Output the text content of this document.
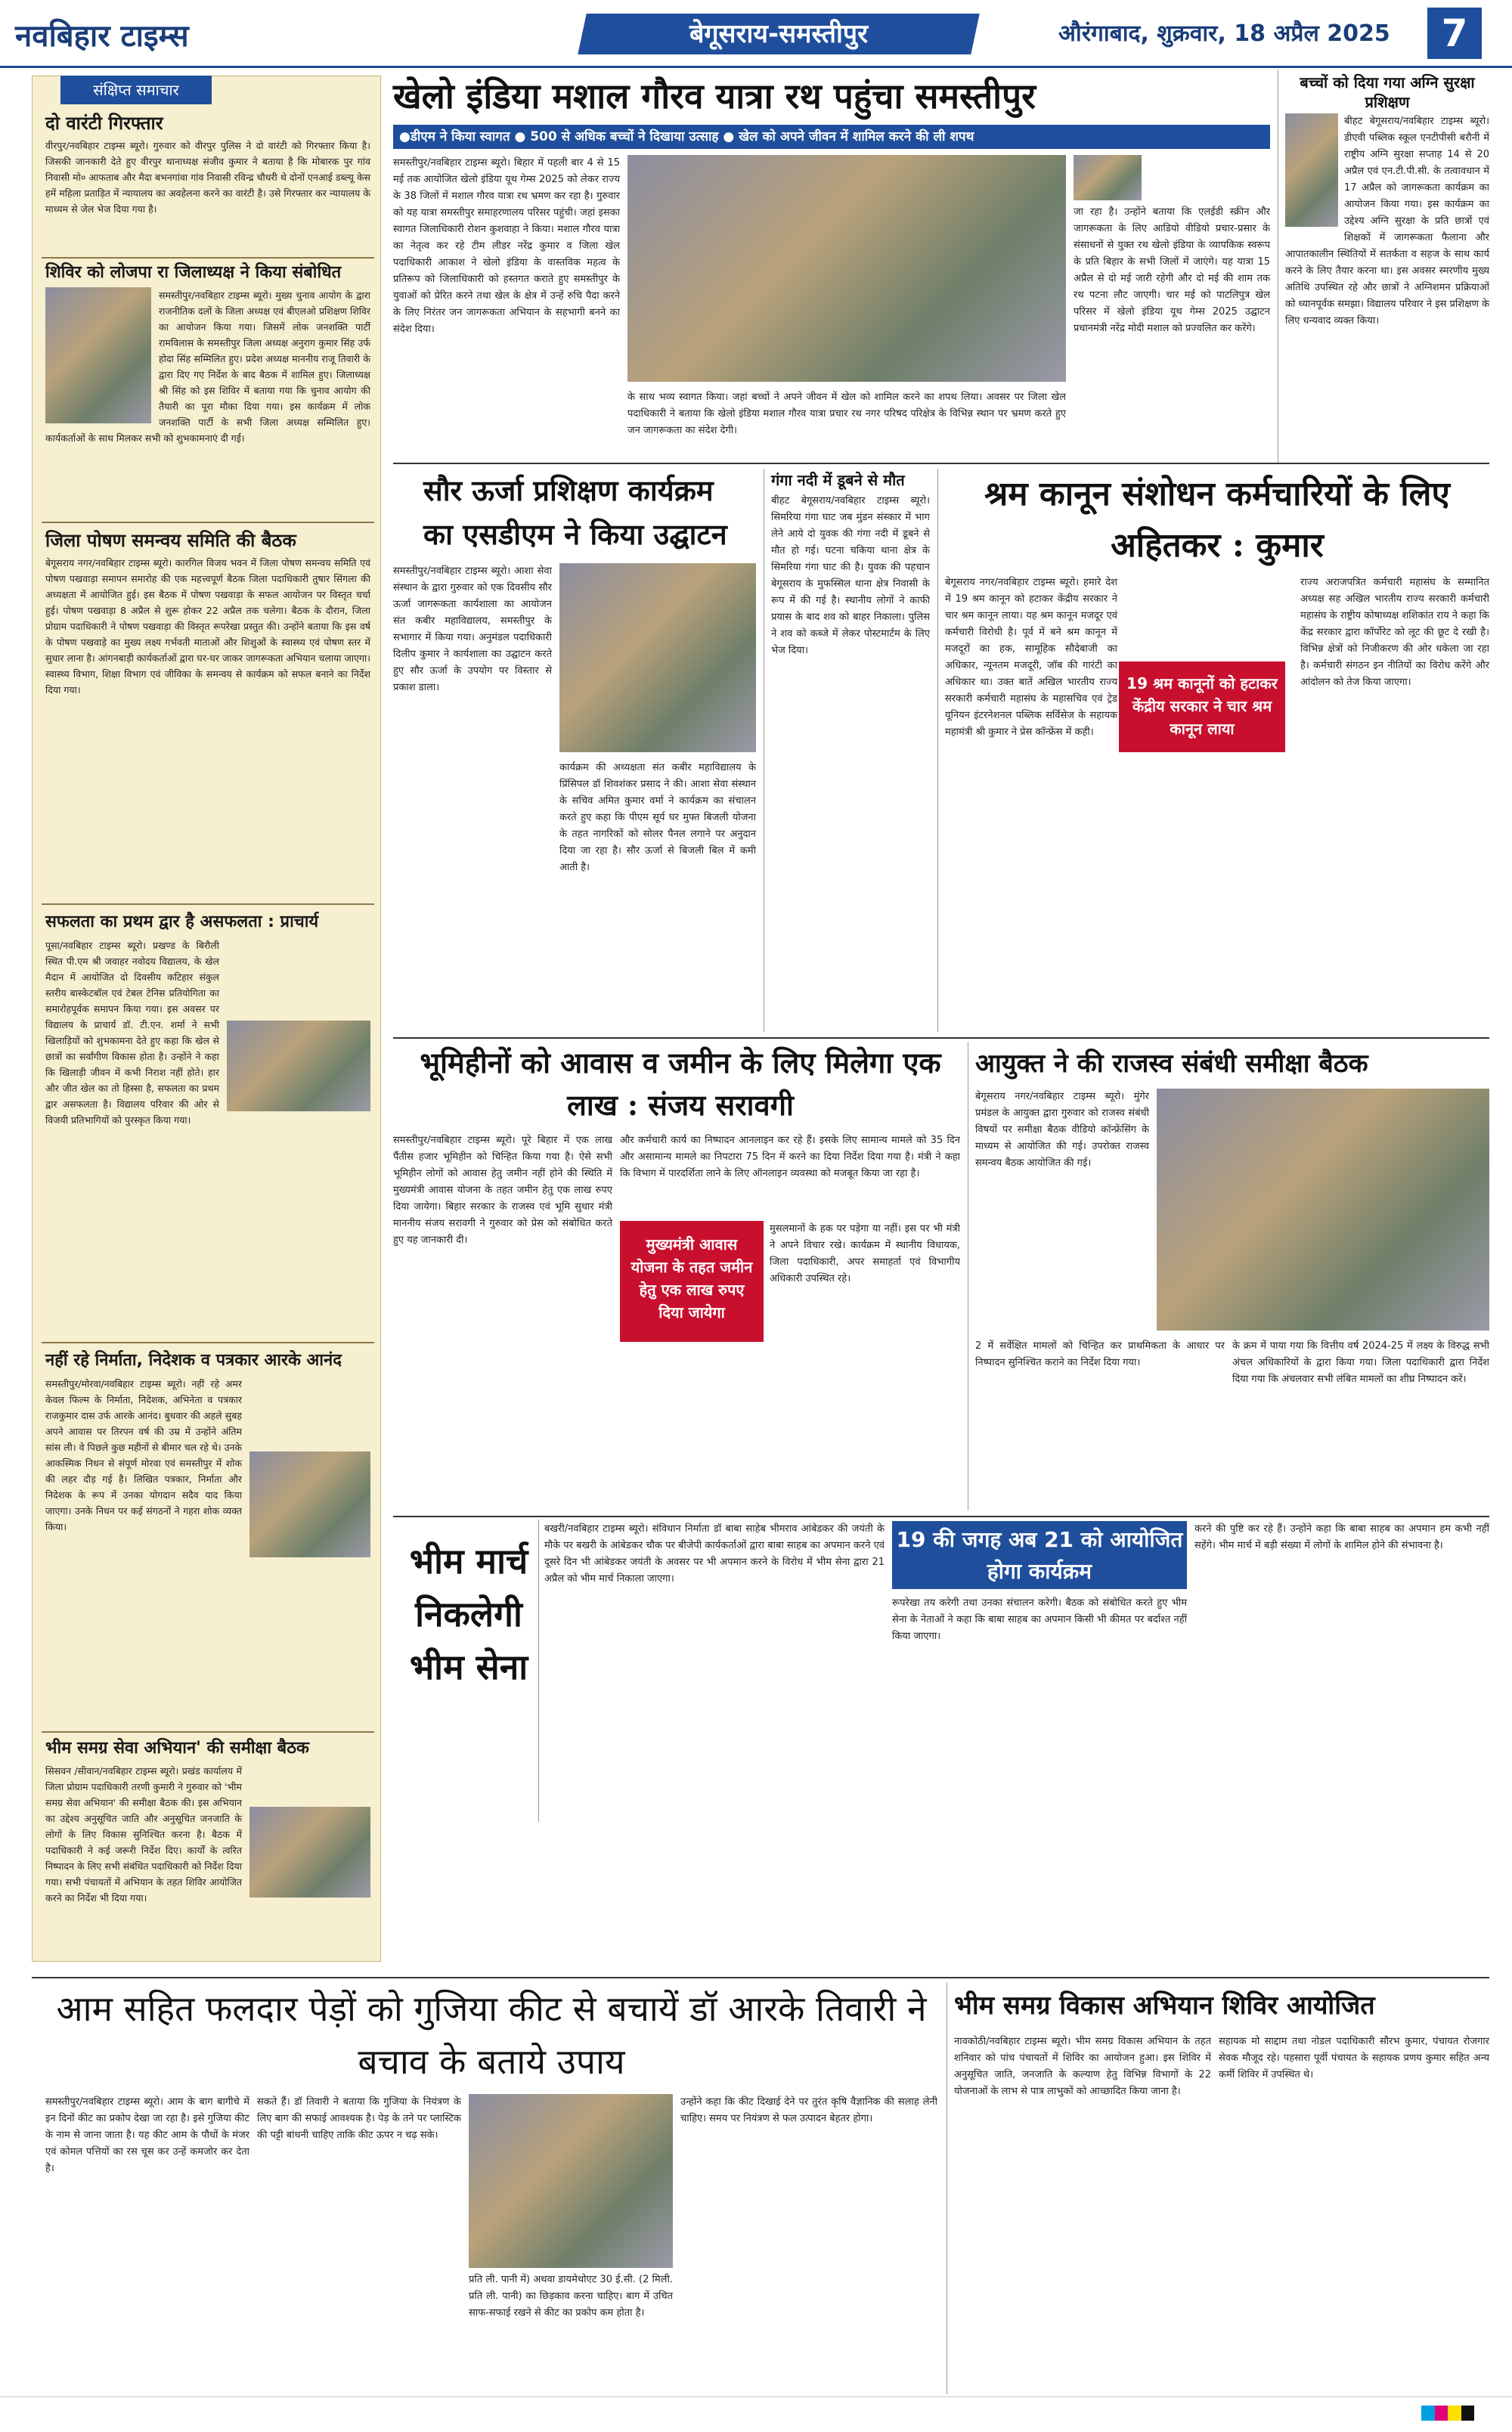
नवबिहार टाइम्स	बेगूसराय-समस्तीपुर	औरंगाबाद, शुक्रवार, 18 अप्रैल 2025	7
संक्षिप्त समाचार
दो वारंटी गिरफ्तार
वीरपुर/नवबिहार टाइम्स ब्यूरो। गुरुवार को वीरपुर पुलिस ने दो वारंटी को गिरफ्तार किया है। जिसकी जानकारी देते हुए वीरपुर थानाध्यक्ष संजीव कुमार ने बताया है कि मोबारक पुर गांव निवासी मो० आफताब और मैदा बभनगांवा गांव निवासी रविन्द्र चौधरी थे दोनों एनआई डब्ल्यू केस हमें महिला प्रताड़ित में न्यायालय का अवहेलना करने का वारंटी है। उसे गिरफ्तार कर न्यायालय के माध्यम से जेल भेज दिया गया है।
शिविर को लोजपा रा जिलाध्यक्ष ने किया संबोधित
समस्तीपुर/नवबिहार टाइम्स ब्यूरो। मुख्य चुनाव आयोग के द्वारा राजनीतिक दलों के जिला अध्यक्ष एवं बीएलओ प्रशिक्षण शिविर का आयोजन किया गया। जिसमें लोक जनशक्ति पार्टी रामविलास के समस्तीपुर जिला अध्यक्ष अनुराग कुमार सिंह उर्फ होदा सिंह सम्मिलित हुए। प्रदेश अध्यक्ष माननीय राजू तिवारी के द्वारा दिए गए निर्देश के बाद बैठक में शामिल हुए। जिलाध्यक्ष श्री सिंह को इस शिविर में बताया गया कि चुनाव आयोग की तैयारी का पूरा मौका दिया गया। इस कार्यक्रम में लोक जनशक्ति पार्टी के सभी जिला अध्यक्ष सम्मिलित हुए। कार्यकर्ताओं के साथ मिलकर सभी को शुभकामनाएं दी गई।
जिला पोषण समन्वय समिति की बैठक
बेगूसराय नगर/नवबिहार टाइम्स ब्यूरो। कारगिल विजय भवन में जिला पोषण समन्वय समिति एवं पोषण पखवाड़ा समापन समारोह की एक महत्त्वपूर्ण बैठक जिला पदाधिकारी तुषार सिंगला की अध्यक्षता में आयोजित हुई। इस बैठक में पोषण पखवाड़ा के सफल आयोजन पर विस्तृत चर्चा हुई। पोषण पखवाड़ा 8 अप्रैल से शुरू होकर 22 अप्रैल तक चलेगा। बैठक के दौरान, जिला प्रोग्राम पदाधिकारी ने पोषण पखवाड़ा की विस्तृत रूपरेखा प्रस्तुत की। उन्होंने बताया कि इस वर्ष के पोषण पखवाड़े का मुख्य लक्ष्य गर्भवती माताओं और शिशुओं के स्वास्थ्य एवं पोषण स्तर में सुधार लाना है। आंगनबाड़ी कार्यकर्ताओं द्वारा घर-घर जाकर जागरूकता अभियान चलाया जाएगा। स्वास्थ्य विभाग, शिक्षा विभाग एवं जीविका के समन्वय से कार्यक्रम को सफल बनाने का निर्देश दिया गया।
सफलता का प्रथम द्वार है असफलता : प्राचार्य
पूसा/नवबिहार टाइम्स ब्यूरो। प्रखण्ड के बिरौली स्थित पी.एम श्री जवाहर नवोदय विद्यालय, के खेल मैदान में आयोजित दो दिवसीय कटिहार संकुल स्तरीय बास्केटबॉल एवं टेबल टेनिस प्रतियोगिता का समारोहपूर्वक समापन किया गया। इस अवसर पर विद्यालय के प्राचार्य डॉ. टी.एन. शर्मा ने सभी खिलाड़ियों को शुभकामना देते हुए कहा कि खेल से छात्रों का सर्वांगीण विकास होता है। उन्होंने ने कहा कि खिलाड़ी जीवन में कभी निराश नहीं होते। हार और जीत खेल का तो हिस्सा है, सफलता का प्रथम द्वार असफलता है। विद्यालय परिवार की ओर से विजयी प्रतिभागियों को पुरस्कृत किया गया।
नहीं रहे निर्माता, निदेशक व पत्रकार आरके आनंद
समस्तीपुर/मोरवा/नवबिहार टाइम्स ब्यूरो। नहीं रहे अमर केवल फिल्म के निर्माता, निदेशक, अभिनेता व पत्रकार राजकुमार दास उर्फ आरके आनंद। बुधवार की अहले सुबह अपने आवास पर तिरपन वर्ष की उम्र में उन्होंने अंतिम सांस ली। वे पिछले कुछ महीनों से बीमार चल रहे थे। उनके आकस्मिक निधन से संपूर्ण मोरवा एवं समस्तीपुर में शोक की लहर दौड़ गई है। लिखित पत्रकार, निर्माता और निदेशक के रूप में उनका योगदान सदैव याद किया जाएगा। उनके निधन पर कई संगठनों ने गहरा शोक व्यक्त किया।
भीम समग्र सेवा अभियान' की समीक्षा बैठक
सिसवन /सीवान/नवबिहार टाइम्स ब्यूरो। प्रखंड कार्यालय में जिला प्रोग्राम पदाधिकारी तरणी कुमारी ने गुरुवार को 'भीम समग्र सेवा अभियान' की समीक्षा बैठक की। इस अभियान का उद्देश्य अनुसूचित जाति और अनुसूचित जनजाति के लोगों के लिए विकास सुनिश्चित करना है। बैठक में पदाधिकारी ने कई जरूरी निर्देश दिए। कार्यों के त्वरित निष्पादन के लिए सभी संबंधित पदाधिकारी को निर्देश दिया गया। सभी पंचायतों में अभियान के तहत शिविर आयोजित करने का निर्देश भी दिया गया।
खेलो इंडिया मशाल गौरव यात्रा रथ पहुंचा समस्तीपुर
●डीएम ने किया स्वागत ● 500 से अधिक बच्चों ने दिखाया उत्साह ● खेल को अपने जीवन में शामिल करने की ली शपथ
समस्तीपुर/नवबिहार टाइम्स ब्यूरो। बिहार में पहली बार 4 से 15 मई तक आयोजित खेलो इंडिया यूथ गेम्स 2025 को लेकर राज्य के 38 जिलों में मशाल गौरव यात्रा रथ भ्रमण कर रहा है। गुरुवार को यह यात्रा समस्तीपुर समाहरणालय परिसर पहुंची। जहां इसका स्वागत जिलाधिकारी रोशन कुशवाहा ने किया। मशाल गौरव यात्रा का नेतृत्व कर रहे टीम लीडर नरेंद्र कुमार व जिला खेल पदाधिकारी आकाश ने खेलो इंडिया के वास्तविक महत्व के प्रतिरूप को जिलाधिकारी को हस्तगत कराते हुए समस्तीपुर के युवाओं को प्रेरित करने तथा खेल के क्षेत्र में उन्हें रुचि पैदा करने के लिए निरंतर जन जागरूकता अभियान के सहभागी बनने का संदेश दिया।
के साथ भव्य स्वागत किया। जहां बच्चों ने अपने जीवन में खेल को शामिल करने का शपथ लिया। अवसर पर जिला खेल पदाधिकारी ने बताया कि खेलो इंडिया मशाल गौरव यात्रा प्रचार रथ नगर परिषद परिक्षेत्र के विभिन्न स्थान पर भ्रमण करते हुए जन जागरूकता का संदेश देगी।
जा रहा है। उन्होंने बताया कि एलईडी स्क्रीन और जागरूकता के लिए आडियो वीडियो प्रचार-प्रसार के संसाधनों से युक्त रथ खेलो इंडिया के व्यापकिक स्वरूप के प्रति बिहार के सभी जिलों में जाएंगे। यह यात्रा 15 अप्रैल से दो मई जारी रहेगी और दो मई की शाम तक रथ पटना लौट जाएगी। चार मई को पाटलिपुत्र खेल परिसर में खेलो इंडिया यूथ गेम्स 2025 उद्घाटन प्रधानमंत्री नरेंद्र मोदी मशाल को प्रज्वलित कर करेंगे।
बच्चों को दिया गया अग्नि सुरक्षा प्रशिक्षण
बीहट बेगूसराय/नवबिहार टाइम्स ब्यूरो। डीएवी पब्लिक स्कूल एनटीपीसी बरौनी में राष्ट्रीय अग्नि सुरक्षा सप्ताह 14 से 20 अप्रैल एवं एन.टी.पी.सी. के तत्वावधान में 17 अप्रैल को जागरूकता कार्यक्रम का आयोजन किया गया। इस कार्यक्रम का उद्देश्य अग्नि सुरक्षा के प्रति छात्रों एवं शिक्षकों में जागरूकता फैलाना और आपातकालीन स्थितियों में सतर्कता व सहज के साथ कार्य करने के लिए तैयार करना था। इस अवसर स्मरणीय मुख्य अतिथि उपस्थित रहे और छात्रों ने अग्निशमन प्रक्रियाओं को ध्यानपूर्वक समझा। विद्यालय परिवार ने इस प्रशिक्षण के लिए धन्यवाद व्यक्त किया।
सौर ऊर्जा प्रशिक्षण कार्यक्रम का एसडीएम ने किया उद्घाटन
समस्तीपुर/नवबिहार टाइम्स ब्यूरो। आशा सेवा संस्थान के द्वारा गुरुवार को एक दिवसीय सौर ऊर्जा जागरूकता कार्यशाला का आयोजन संत कबीर महाविद्यालय, समस्तीपुर के सभागार में किया गया। अनुमंडल पदाधिकारी दिलीप कुमार ने कार्यशाला का उद्घाटन करते हुए सौर ऊर्जा के उपयोग पर विस्तार से प्रकाश डाला।
कार्यक्रम की अध्यक्षता संत कबीर महाविद्यालय के प्रिंसिपल डॉ शिवशंकर प्रसाद ने की। आशा सेवा संस्थान के सचिव अमित कुमार वर्मा ने कार्यक्रम का संचालन करते हुए कहा कि पीएम सूर्य घर मुफ्त बिजली योजना के तहत नागरिकों को सोलर पैनल लगाने पर अनुदान दिया जा रहा है। सौर ऊर्जा से बिजली बिल में कमी आती है।
गंगा नदी में डूबने से मौत
बीहट बेगूसराय/नवबिहार टाइम्स ब्यूरो। सिमरिया गंगा घाट जब मुंडन संस्कार में भाग लेने आये दो युवक की गंगा नदी में डूबने से मौत हो गई। घटना चकिया थाना क्षेत्र के सिमरिया गंगा घाट की है। युवक की पहचान बेगूसराय के मुफस्सिल थाना क्षेत्र निवासी के रूप में की गई है। स्थानीय लोगों ने काफी प्रयास के बाद शव को बाहर निकाला। पुलिस ने शव को कब्जे में लेकर पोस्टमार्टम के लिए भेज दिया।
श्रम कानून संशोधन कर्मचारियों के लिए अहितकर : कुमार
19 श्रम कानूनों को हटाकर केंद्रीय सरकार ने चार श्रम कानून लाया
बेगूसराय नगर/नवबिहार टाइम्स ब्यूरो। हमारे देश में 19 श्रम कानून को हटाकर केंद्रीय सरकार ने चार श्रम कानून लाया। यह श्रम कानून मजदूर एवं कर्मचारी विरोधी है। पूर्व में बने श्रम कानून में मजदूरों का हक, सामूहिक सौदेबाजी का अधिकार, न्यूनतम मजदूरी, जॉब की गारंटी का अधिकार था। उक्त बातें अखिल भारतीय राज्य सरकारी कर्मचारी महासंघ के महासचिव एवं ट्रेड यूनियन इंटरनेशनल पब्लिक सर्विसेज के सहायक महामंत्री श्री कुमार ने प्रेस कॉन्फ्रेंस में कही।
राज्य अराजपत्रित कर्मचारी महासंघ के सम्मानित अध्यक्ष सह अखिल भारतीय राज्य सरकारी कर्मचारी महासंघ के राष्ट्रीय कोषाध्यक्ष शशिकांत राय ने कहा कि केंद्र सरकार द्वारा कॉर्पोरेट को लूट की छूट दे रखी है। विभिन्न क्षेत्रों को निजीकरण की ओर धकेला जा रहा है। कर्मचारी संगठन इन नीतियों का विरोध करेंगे और आंदोलन को तेज किया जाएगा।
भूमिहीनों को आवास व जमीन के लिए मिलेगा एक लाख : संजय सरावगी
समस्तीपुर/नवबिहार टाइम्स ब्यूरो। पूरे बिहार में एक लाख पैंतीस हजार भूमिहीन को चिन्हित किया गया है। ऐसे सभी भूमिहीन लोगों को आवास हेतु जमीन नहीं होने की स्थिति में मुख्यमंत्री आवास योजना के तहत जमीन हेतु एक लाख रुपए दिया जायेगा। बिहार सरकार के राजस्व एवं भूमि सुधार मंत्री माननीय संजय सरावगी ने गुरुवार को प्रेस को संबोधित करते हुए यह जानकारी दी।
और कर्मचारी कार्य का निष्पादन आनलाइन कर रहे हैं। इसके लिए सामान्य मामले को 35 दिन और असामान्य मामले का निपटारा 75 दिन में करने का दिया निर्देश दिया गया है। मंत्री ने कहा कि विभाग में पारदर्शिता लाने के लिए ऑनलाइन व्यवस्था को मजबूत किया जा रहा है।
मुख्यमंत्री आवास योजना के तहत जमीन हेतु एक लाख रुपए दिया जायेगा
मुसलमानों के हक पर पड़ेगा या नहीं। इस पर भी मंत्री ने अपने विचार रखे। कार्यक्रम में स्थानीय विधायक, जिला पदाधिकारी, अपर समाहर्ता एवं विभागीय अधिकारी उपस्थित रहे।
आयुक्त ने की राजस्व संबंधी समीक्षा बैठक
बेगूसराय नगर/नवबिहार टाइम्स ब्यूरो। मुंगेर प्रमंडल के आयुक्त द्वारा गुरुवार को राजस्व संबंधी विषयों पर समीक्षा बैठक वीडियो कॉन्फ्रेंसिंग के माध्यम से आयोजित की गई। उपरोक्त राजस्व समन्वय बैठक आयोजित की गई।
2 में सर्वेक्षित मामलों को चिन्हित कर प्राथमिकता के आधार पर निष्पादन सुनिश्चित कराने का निर्देश दिया गया।
के क्रम में पाया गया कि वित्तीय वर्ष 2024-25 में लक्ष्य के विरुद्ध सभी अंचल अधिकारियों के द्वारा किया गया। जिला पदाधिकारी द्वारा निर्देश दिया गया कि अंचलवार सभी लंबित मामलों का शीघ्र निष्पादन करें।
भीम मार्च निकलेगी भीम सेना
बखरी/नवबिहार टाइम्स ब्यूरो। संविधान निर्माता डॉ बाबा साहेब भीमराव आंबेडकर की जयंती के मौके पर बखरी के आंबेडकर चौक पर बीजेपी कार्यकर्ताओं द्वारा बाबा साहब का अपमान करने एवं दूसरे दिन भी आंबेडकर जयंती के अवसर पर भी अपमान करने के विरोध में भीम सेना द्वारा 21 अप्रैल को भीम मार्च निकाला जाएगा।
19 की जगह अब 21 को आयोजित होगा कार्यक्रम
रूपरेखा तय करेगी तथा उनका संचालन करेगी। बैठक को संबोधित करते हुए भीम सेना के नेताओं ने कहा कि बाबा साहब का अपमान किसी भी कीमत पर बर्दाश्त नहीं किया जाएगा।
करने की पुष्टि कर रहे हैं। उन्होंने कहा कि बाबा साहब का अपमान हम कभी नहीं सहेंगे। भीम मार्च में बड़ी संख्या में लोगों के शामिल होने की संभावना है।
आम सहित फलदार पेड़ों को गुजिया कीट से बचायें डॉ आरके तिवारी ने बचाव के बताये उपाय
समस्तीपुर/नवबिहार टाइम्स ब्यूरो। आम के बाग बागीचे में इन दिनों कीट का प्रकोप देखा जा रहा है। इसे गुजिया कीट के नाम से जाना जाता है। यह कीट आम के पौधों के मंजर एवं कोमल पत्तियों का रस चूस कर उन्हें कमजोर कर देता है।
सकते हैं। डॉ तिवारी ने बताया कि गुजिया के नियंत्रण के लिए बाग की सफाई आवश्यक है। पेड़ के तने पर प्लास्टिक की पट्टी बांधनी चाहिए ताकि कीट ऊपर न चढ़ सके।
प्रति ली. पानी में) अथवा डायमेथोएट 30 ई.सी. (2 मिली. प्रति ली. पानी) का छिड़काव करना चाहिए। बाग में उचित साफ-सफाई रखने से कीट का प्रकोप कम होता है।
उन्होंने कहा कि कीट दिखाई देने पर तुरंत कृषि वैज्ञानिक की सलाह लेनी चाहिए। समय पर नियंत्रण से फल उत्पादन बेहतर होगा।
भीम समग्र विकास अभियान शिविर आयोजित
नावकोठी/नवबिहार टाइम्स ब्यूरो। भीम समग्र विकास अभियान के तहत शनिवार को पांच पंचायतों में शिविर का आयोजन हुआ। इस शिविर में अनुसूचित जाति, जनजाति के कल्याण हेतु विभिन्न विभागों के 22 योजनाओं के लाभ से पात्र लाभुकों को आच्छादित किया जाना है।
सहायक मो साद्दाम तथा नोडल पदाधिकारी सौरभ कुमार, पंचायत रोजगार सेवक मौजूद रहे। पहसारा पूर्वी पंचायत के सहायक प्रणय कुमार सहित अन्य कर्मी शिविर में उपस्थित थे।
